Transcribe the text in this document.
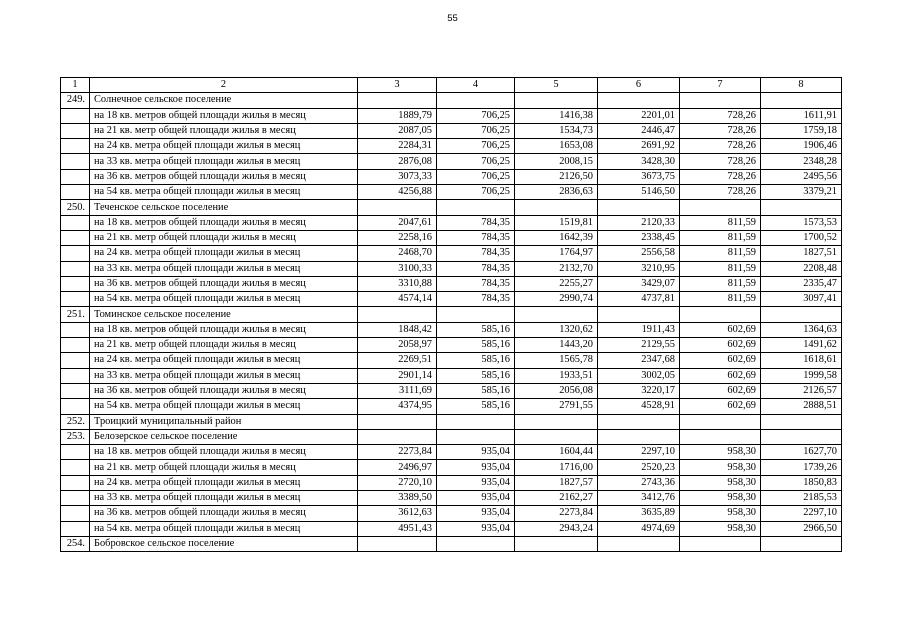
55
1	2	3	4	5	6	7	8
249.	Солнечное сельское поселение						
	на 18 кв. метров общей площади жилья в месяц	1889,79	706,25	1416,38	2201,01	728,26	1611,91
	на 21 кв. метр общей площади жилья в месяц	2087,05	706,25	1534,73	2446,47	728,26	1759,18
	на 24 кв. метра общей площади жилья в месяц	2284,31	706,25	1653,08	2691,92	728,26	1906,46
	на 33 кв. метра общей площади жилья в месяц	2876,08	706,25	2008,15	3428,30	728,26	2348,28
	на 36 кв. метров общей площади жилья в месяц	3073,33	706,25	2126,50	3673,75	728,26	2495,56
	на 54 кв. метра общей площади жилья в месяц	4256,88	706,25	2836,63	5146,50	728,26	3379,21
250.	Теченское сельское поселение						
	на 18 кв. метров общей площади жилья в месяц	2047,61	784,35	1519,81	2120,33	811,59	1573,53
	на 21 кв. метр общей площади жилья в месяц	2258,16	784,35	1642,39	2338,45	811,59	1700,52
	на 24 кв. метра общей площади жилья в месяц	2468,70	784,35	1764,97	2556,58	811,59	1827,51
	на 33 кв. метра общей площади жилья в месяц	3100,33	784,35	2132,70	3210,95	811,59	2208,48
	на 36 кв. метров общей площади жилья в месяц	3310,88	784,35	2255,27	3429,07	811,59	2335,47
	на 54 кв. метра общей площади жилья в месяц	4574,14	784,35	2990,74	4737,81	811,59	3097,41
251.	Томинское сельское поселение						
	на 18 кв. метров общей площади жилья в месяц	1848,42	585,16	1320,62	1911,43	602,69	1364,63
	на 21 кв. метр общей площади жилья в месяц	2058,97	585,16	1443,20	2129,55	602,69	1491,62
	на 24 кв. метра общей площади жилья в месяц	2269,51	585,16	1565,78	2347,68	602,69	1618,61
	на 33 кв. метра общей площади жилья в месяц	2901,14	585,16	1933,51	3002,05	602,69	1999,58
	на 36 кв. метров общей площади жилья в месяц	3111,69	585,16	2056,08	3220,17	602,69	2126,57
	на 54 кв. метра общей площади жилья в месяц	4374,95	585,16	2791,55	4528,91	602,69	2888,51
252.	Троицкий муниципальный район						
253.	Белозерское сельское поселение						
	на 18 кв. метров общей площади жилья в месяц	2273,84	935,04	1604,44	2297,10	958,30	1627,70
	на 21 кв. метр общей площади жилья в месяц	2496,97	935,04	1716,00	2520,23	958,30	1739,26
	на 24 кв. метра общей площади жилья в месяц	2720,10	935,04	1827,57	2743,36	958,30	1850,83
	на 33 кв. метра общей площади жилья в месяц	3389,50	935,04	2162,27	3412,76	958,30	2185,53
	на 36 кв. метров общей площади жилья в месяц	3612,63	935,04	2273,84	3635,89	958,30	2297,10
	на 54 кв. метра общей площади жилья в месяц	4951,43	935,04	2943,24	4974,69	958,30	2966,50
254.	Бобровское сельское поселение						
